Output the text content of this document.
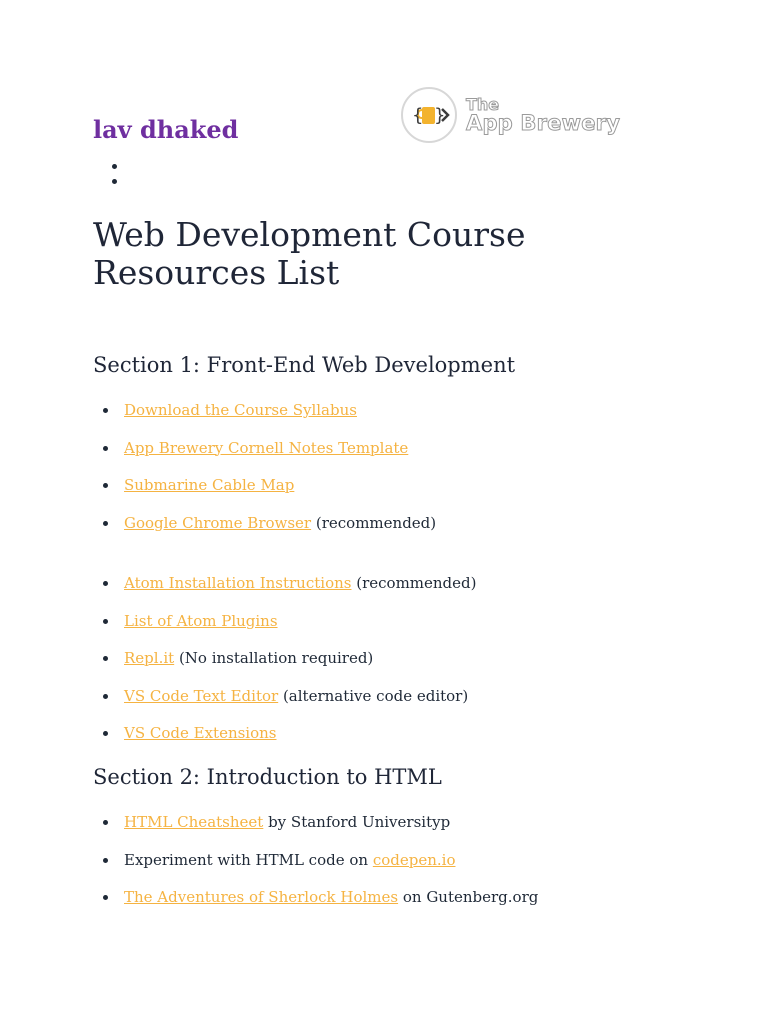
lav dhaked	{ }
The
App Brewery
Web Development Course Resources List
Section 1: Front-End Web Development
Download the Course Syllabus
App Brewery Cornell Notes Template
Submarine Cable Map
Google Chrome Browser (recommended)
Atom Installation Instructions (recommended)
List of Atom Plugins
Repl.it (No installation required)
VS Code Text Editor (alternative code editor)
VS Code Extensions
Section 2: Introduction to HTML
HTML Cheatsheet by Stanford Universityp
Experiment with HTML code on codepen.io
The Adventures of Sherlock Holmes on Gutenberg.org
